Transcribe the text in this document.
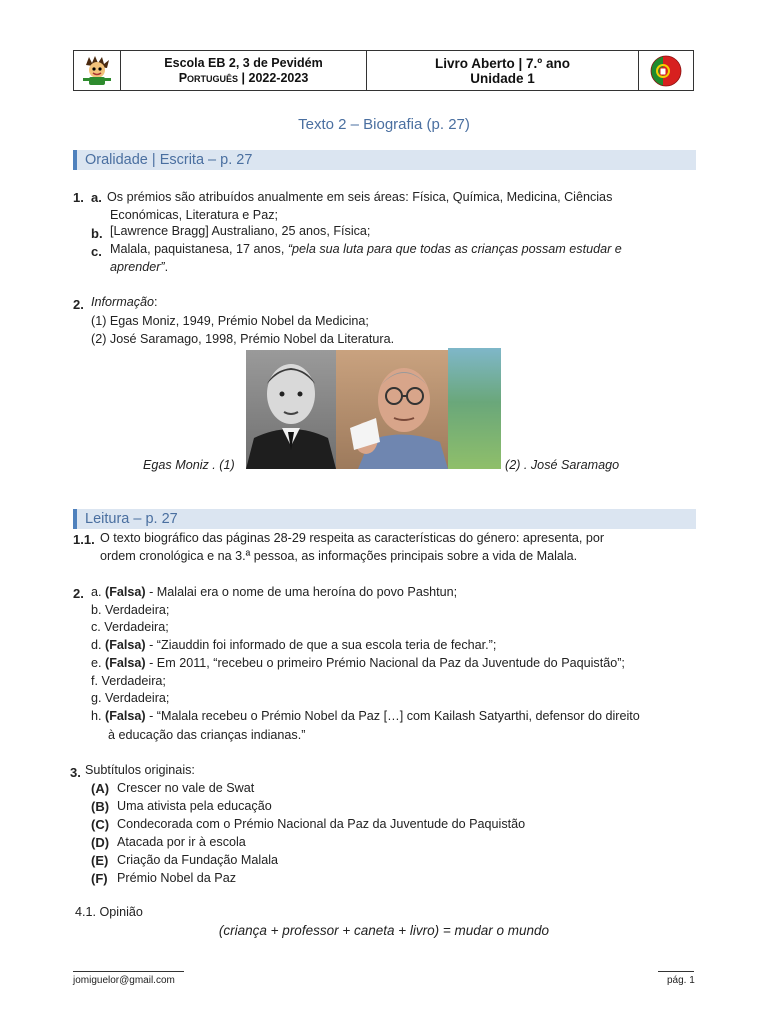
Escola EB 2, 3 de Pevidém
Português | 2022-2023
Livro Aberto | 7.º ano
Unidade 1
Texto 2 – Biografia (p. 27)
Oralidade | Escrita – p. 27
1. a. Os prémios são atribuídos anualmente em seis áreas: Física, Química, Medicina, Ciências
Económicas, Literatura e Paz;
b. [Lawrence Bragg] Australiano, 25 anos, Física;
c. Malala, paquistanesa, 17 anos, “pela sua luta para que todas as crianças possam estudar e
aprender”.
2. Informação:
(1) Egas Moniz, 1949, Prémio Nobel da Medicina;
(2) José Saramago, 1998, Prémio Nobel da Literatura.
Egas Moniz . (1)	(2) . José Saramago
Leitura – p. 27
1.1. O texto biográfico das páginas 28-29 respeita as características do género: apresenta, por
ordem cronológica e na 3.ª pessoa, as informações principais sobre a vida de Malala.
2. a. (Falsa) - Malalai era o nome de uma heroína do povo Pashtun;
b. Verdadeira;
c. Verdadeira;
d. (Falsa) - “Ziauddin foi informado de que a sua escola teria de fechar.”;
e. (Falsa) - Em 2011, “recebeu o primeiro Prémio Nacional da Paz da Juventude do Paquistão”;
f. Verdadeira;
g. Verdadeira;
h. (Falsa) - “Malala recebeu o Prémio Nobel da Paz […] com Kailash Satyarthi, defensor do direito
à educação das crianças indianas.”
3. Subtítulos originais:
(A) Crescer no vale de Swat
(B) Uma ativista pela educação
(C) Condecorada com o Prémio Nacional da Paz da Juventude do Paquistão
(D) Atacada por ir à escola
(E) Criação da Fundação Malala
(F) Prémio Nobel da Paz
4.1. Opinião
(criança + professor + caneta + livro) = mudar o mundo
jomiguelor@gmail.com	pág. 1
